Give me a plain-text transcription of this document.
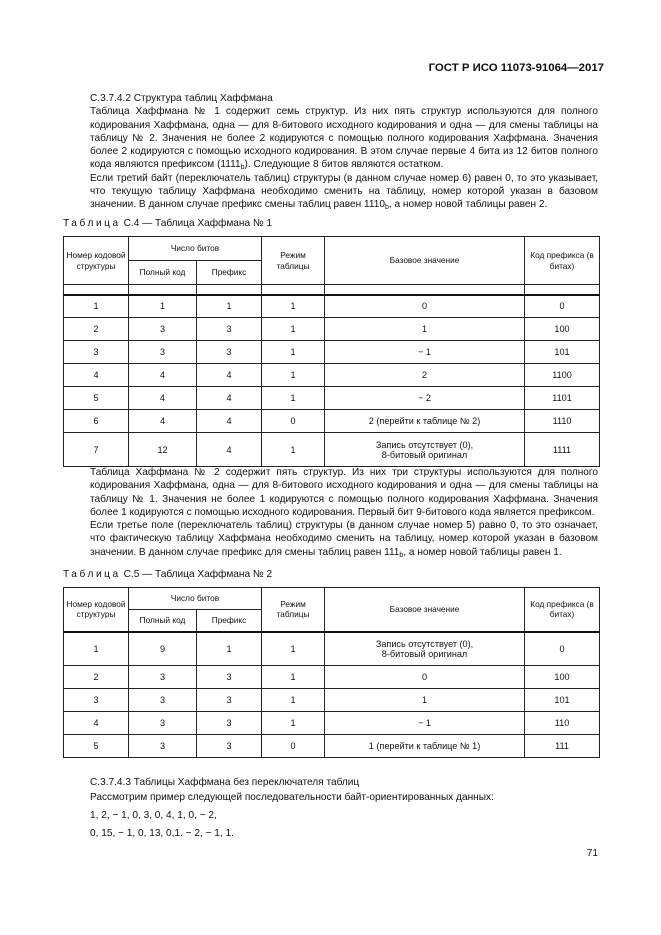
ГОСТ Р ИСО 11073-91064—2017

С.3.7.4.2 Структура таблиц Хаффмана

Таблица Хаффмана № 1 содержит семь структур. Из них пять структур используются для полного кодирования Хаффмана, одна — для 8-битового исходного кодирования и одна — для смены таблицы на таблицу № 2. Значения не более 2 кодируются с помощью полного кодирования Хаффмана. Значения более 2 кодируются с помощью исходного кодирования. В этом случае первые 4 бита из 12 битов полного кода являются префиксом $(1111_b)$. Следующие 8 битов являются остатком.

Если третий байт (переключатель таблиц) структуры (в данном случае номер 6) равен 0, то это указывает, что текущую таблицу Хаффмана необходимо сменить на таблицу, номер которой указан в базовом значении. В данном случае префикс смены таблиц равен $1110_b$, а номер новой таблицы равен 2.

Таблица С.4 — Таблица Хаффмана № 1
Номер кодовой структуры	Число битов		Режим таблицы	Базовое значение	Код префикса (в битах)
	Полный код	Префикс			

1	1	1	1	0	0
2	3	3	1	1	100
3	3	3	1	− 1	101
4	4	4	1	2	1100
5	4	4	1	− 2	1101
6	4	4	0	2 (перейти к таблице № 2)	1110
7	12	4	1	Запись отсутствует (0),
8-битовый оригинал	1111

Таблица Хаффмана № 2 содержит пять структур. Из них три структуры используются для полного кодирования Хаффмана, одна — для 8-битового исходного кодирования и одна — для смены таблицы на таблицу № 1. Значения не более 1 кодируются с помощью полного кодирования Хаффмана. Значения более 1 кодируются с помощью исходного кодирования. Первый бит 9-битового кода является префиксом.

Если третье поле (переключатель таблиц) структуры (в данном случае номер 5) равно 0, то это означает, что фактическую таблицу Хаффмана необходимо сменить на таблицу, номер которой указан в базовом значении. В данном случае префикс для смены таблиц равен $111_b$, а номер новой таблицы равен 1.

Таблица С.5 — Таблица Хаффмана № 2
Номер кодовой структуры	Число битов		Режим таблицы	Базовое значение	Код префикса (в битах)
	Полный код	Префикс			
1	9	1	1	Запись отсутствует (0),
8-битовый оригинал	0
2	3	3	1	0	100
3	3	3	1	1	101
4	3	3	1	− 1	110
5	3	3	0	1 (перейти к таблице № 1)	111

С.3.7.4.3 Таблицы Хаффмана без переключателя таблиц

Рассмотрим пример следующей последовательности байт-ориентированных данных:

1, 2, − 1, 0, 3, 0, 4, 1, 0, − 2,

0, 15, − 1, 0, 13, 0,1. − 2, − 1, 1.

71
